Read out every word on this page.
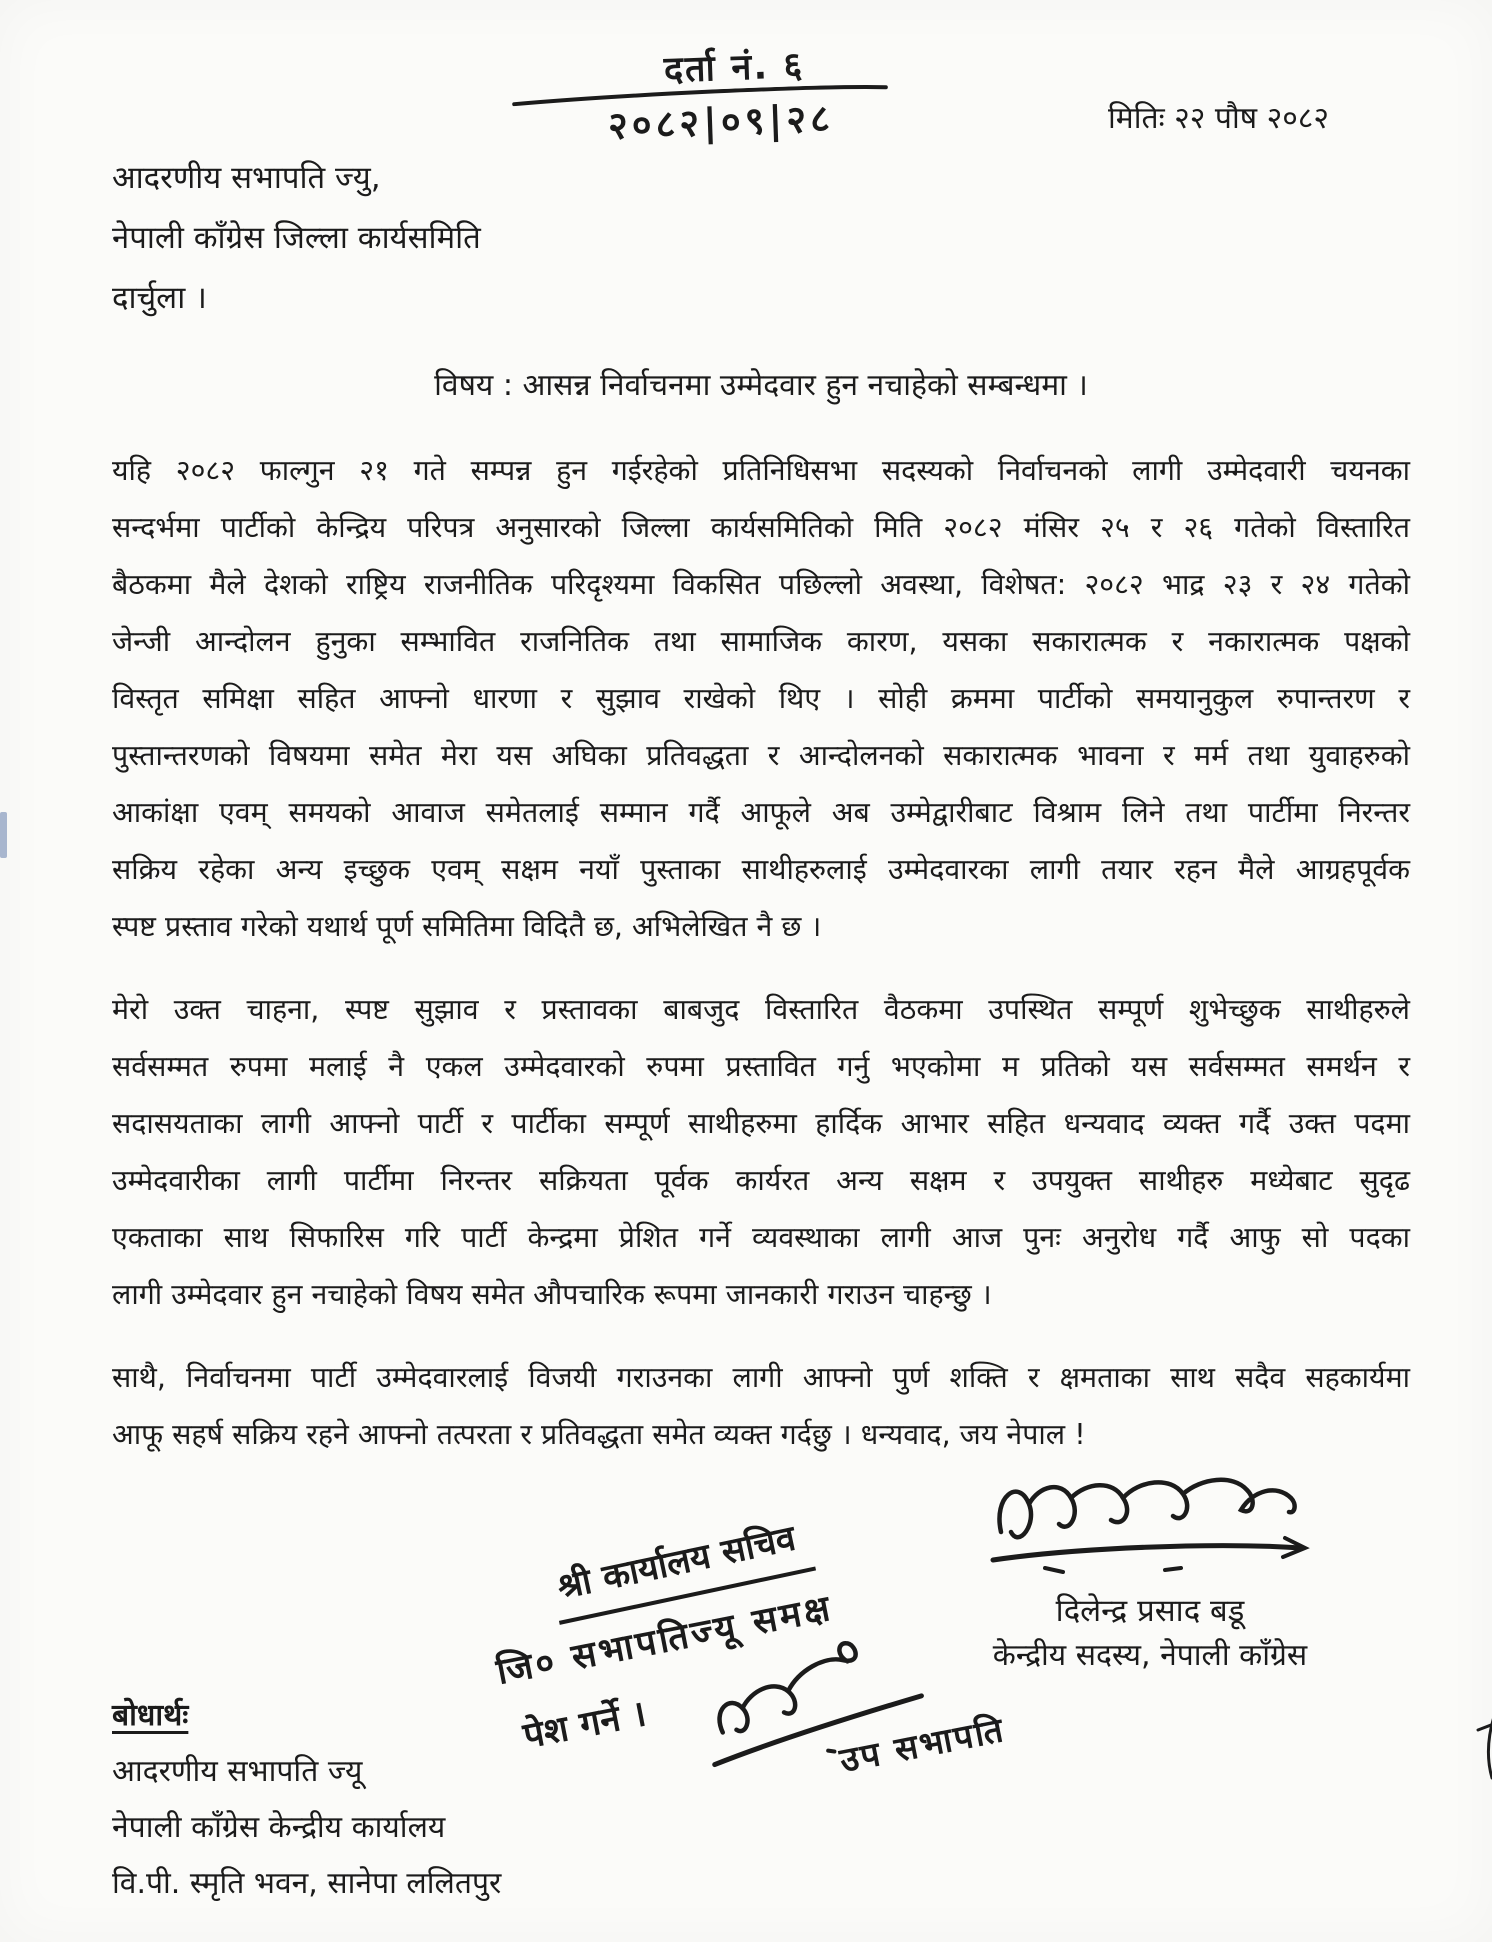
दर्ता नं. ६
२०८२|०९|२८	मितिः २२ पौष २०८२
आदरणीय सभापति ज्यु,
नेपाली काँग्रेस जिल्ला कार्यसमिति
दार्चुला ।
विषय : आसन्न निर्वाचनमा उम्मेदवार हुन नचाहेको सम्बन्धमा ।
यहि २०८२ फाल्गुन २१ गते सम्पन्न हुन गईरहेको प्रतिनिधिसभा सदस्यको निर्वाचनको लागी उम्मेदवारी चयनका
सन्दर्भमा पार्टीको केन्द्रिय परिपत्र अनुसारको जिल्ला कार्यसमितिको मिति २०८२ मंसिर २५ र २६ गतेको विस्तारित
बैठकमा मैले देशको राष्ट्रिय राजनीतिक परिदृश्यमा विकसित पछिल्लो अवस्था, विशेषत: २०८२ भाद्र २३ र २४ गतेको
जेन्जी आन्दोलन हुनुका सम्भावित राजनितिक तथा सामाजिक कारण, यसका सकारात्मक र नकारात्मक पक्षको
विस्तृत समिक्षा सहित आफ्नो धारणा र सुझाव राखेको थिए । सोही क्रममा पार्टीको समयानुकुल रुपान्तरण र
पुस्तान्तरणको विषयमा समेत मेरा यस अघिका प्रतिवद्धता र आन्दोलनको सकारात्मक भावना र मर्म तथा युवाहरुको
आकांक्षा एवम् समयको आवाज समेतलाई सम्मान गर्दै आफूले अब उम्मेद्वारीबाट विश्राम लिने तथा पार्टीमा निरन्तर
सक्रिय रहेका अन्य इच्छुक एवम् सक्षम नयाँ पुस्ताका साथीहरुलाई उम्मेदवारका लागी तयार रहन मैले आग्रहपूर्वक
स्पष्ट प्रस्ताव गरेको यथार्थ पूर्ण समितिमा विदितै छ, अभिलेखित नै छ ।
मेरो उक्त चाहना, स्पष्ट सुझाव र प्रस्तावका बाबजुद विस्तारित वैठकमा उपस्थित सम्पूर्ण शुभेच्छुक साथीहरुले
सर्वसम्मत रुपमा मलाई नै एकल उम्मेदवारको रुपमा प्रस्तावित गर्नु भएकोमा म प्रतिको यस सर्वसम्मत समर्थन र
सदासयताका लागी आफ्नो पार्टी र पार्टीका सम्पूर्ण साथीहरुमा हार्दिक आभार सहित धन्यवाद व्यक्त गर्दै उक्त पदमा
उम्मेदवारीका लागी पार्टीमा निरन्तर सक्रियता पूर्वक कार्यरत अन्य सक्षम र उपयुक्त साथीहरु मध्येबाट सुदृढ
एकताका साथ सिफारिस गरि पार्टी केन्द्रमा प्रेशित गर्ने व्यवस्थाका लागी आज पुनः अनुरोध गर्दै आफु सो पदका
लागी उम्मेदवार हुन नचाहेको विषय समेत औपचारिक रूपमा जानकारी गराउन चाहन्छु ।
साथै, निर्वाचनमा पार्टी उम्मेदवारलाई विजयी गराउनका लागी आफ्नो पुर्ण शक्ति र क्षमताका साथ सदैव सहकार्यमा
आफू सहर्ष सक्रिय रहने आफ्नो तत्परता र प्रतिवद्धता समेत व्यक्त गर्दछु । धन्यवाद, जय नेपाल !
दिलेन्द्र प्रसाद बडू
केन्द्रीय सदस्य, नेपाली काँग्रेस
श्री कार्यालय सचिव
जि० सभापतिज्यू समक्ष
पेश गर्ने ।	उप सभापति
बोधार्थः
आदरणीय सभापति ज्यू
नेपाली काँग्रेस केन्द्रीय कार्यालय
वि.पी. स्मृति भवन, सानेपा ललितपुर
